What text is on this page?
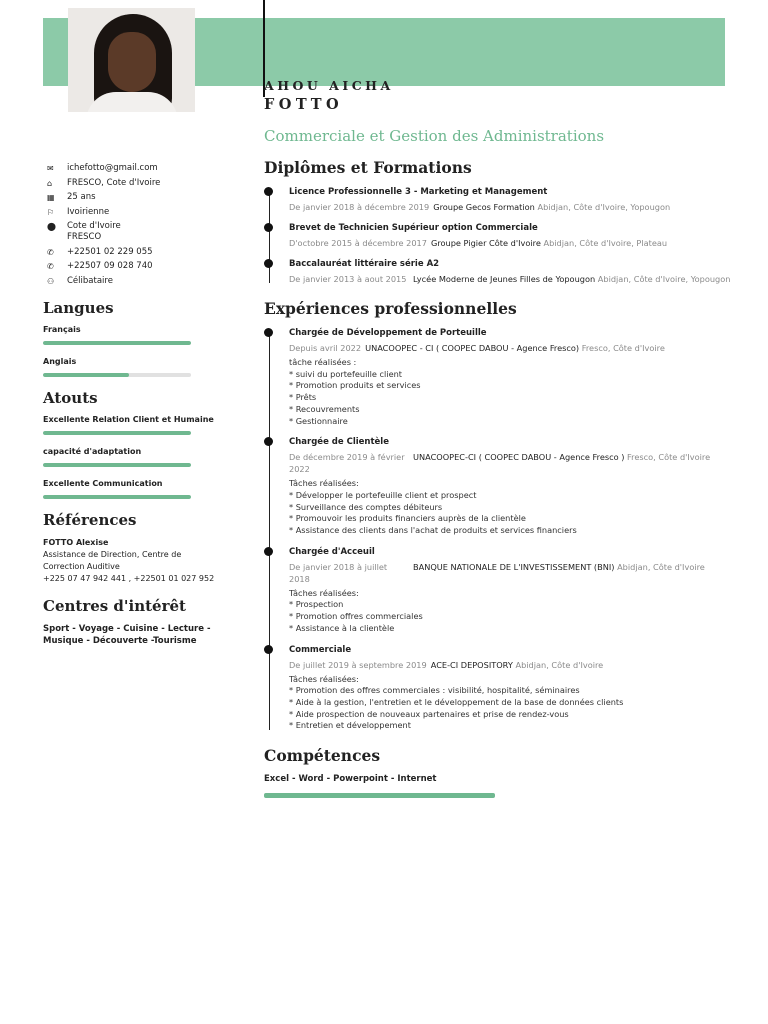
AHOU AICHA
FOTTO
Commerciale et Gestion des Administrations
✉	ichefotto@gmail.com
⌂	FRESCO, Cote d'Ivoire
▦	25 ans
⚐	Ivoirienne
⬤	Cote d'Ivoire
FRESCO
✆	+22501 02 229 055
✆	+22507 09 028 740
⚇	Célibataire
Langues
Français
Anglais
Atouts
Excellente Relation Client et Humaine
capacité d'adaptation
Excellente Communication
Références
FOTTO Alexise
Assistance de Direction, Centre de Correction Auditive
+225 07 47 942 441 , +22501 01 027 952
Centres d'intérêt
Sport - Voyage - Cuisine - Lecture - Musique - Découverte -Tourisme
Diplômes et Formations
Licence Professionnelle 3 - Marketing et Management
De janvier 2018 à décembre 2019 Groupe Gecos Formation Abidjan, Côte d'Ivoire, Yopougon
Brevet de Technicien Supérieur option Commerciale
D'octobre 2015 à décembre 2017 Groupe Pigier Côte d'Ivoire Abidjan, Côte d'Ivoire, Plateau
Baccalauréat littéraire série A2
De janvier 2013 à aout 2015 Lycée Moderne de Jeunes Filles de Yopougon Abidjan, Côte d'Ivoire, Yopougon
Expériences professionnelles
Chargée de Développement de Porteuille
Depuis avril 2022 UNACOOPEC - CI ( COOPEC DABOU - Agence Fresco) Fresco, Côte d'Ivoire
tâche réalisées :
* suivi du portefeuille client
* Promotion produits et services
* Prêts
* Recouvrements
* Gestionnaire
Chargée de Clientèle
De décembre 2019 à février 2022
UNACOOPEC-CI ( COOPEC DABOU - Agence Fresco ) Fresco, Côte d'Ivoire
Tâches réalisées:
* Développer le portefeuille client et prospect
* Surveillance des comptes débiteurs
* Promouvoir les produits financiers auprès de la clientèle
* Assistance des clients dans l'achat de produits et services financiers
Chargée d'Acceuil
De janvier 2018 à juillet 2018
BANQUE NATIONALE DE L'INVESTISSEMENT (BNI) Abidjan, Côte d'Ivoire
Tâches réalisées:
* Prospection
* Promotion offres commerciales
* Assistance à la clientèle
Commerciale
De juillet 2019 à septembre 2019 ACE-CI DEPOSITORY Abidjan, Côte d'Ivoire
Tâches réalisées:
* Promotion des offres commerciales : visibilité, hospitalité, séminaires
* Aide à la gestion, l'entretien et le développement de la base de données clients
* Aide prospection de nouveaux partenaires et prise de rendez-vous
* Entretien et développement
Compétences
Excel - Word - Powerpoint - Internet
